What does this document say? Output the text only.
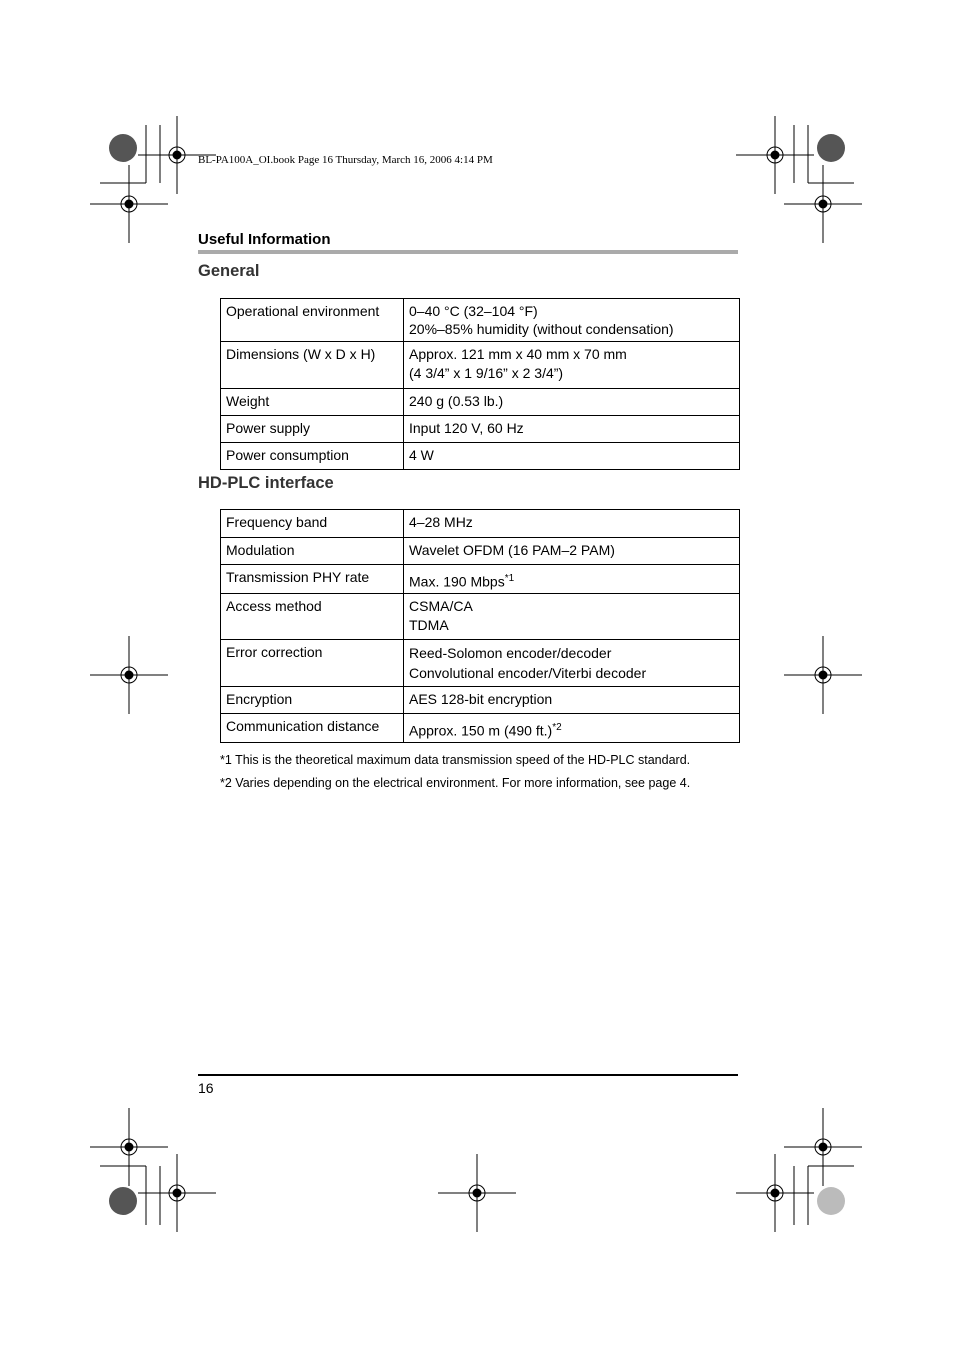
BL-PA100A_OI.book Page 16 Thursday, March 16, 2006 4:14 PM
Useful Information
General
Operational environment	0–40 °C (32–104 °F)
20%–85% humidity (without condensation)

Dimensions (W x D x H)	Approx. 121 mm x 40 mm x 70 mm
(4 3/4” x 1 9/16” x 2 3/4”)

Weight	240 g (0.53 lb.)
Power supply	Input 120 V, 60 Hz
Power consumption	4 W
HD-PLC interface
Frequency band	4–28 MHz
Modulation	Wavelet OFDM (16 PAM–2 PAM)
Transmission PHY rate	Max. 190 Mbps$^{*1}$
Access method	CSMA/CA
TDMA

Error correction	Reed-Solomon encoder/decoder
Convolutional encoder/Viterbi decoder

Encryption	AES 128-bit encryption
Communication distance	Approx. 150 m (490 ft.)$^{*2}$
*1 This is the theoretical maximum data transmission speed of the HD-PLC standard.
*2 Varies depending on the electrical environment. For more information, see page 4.
16
